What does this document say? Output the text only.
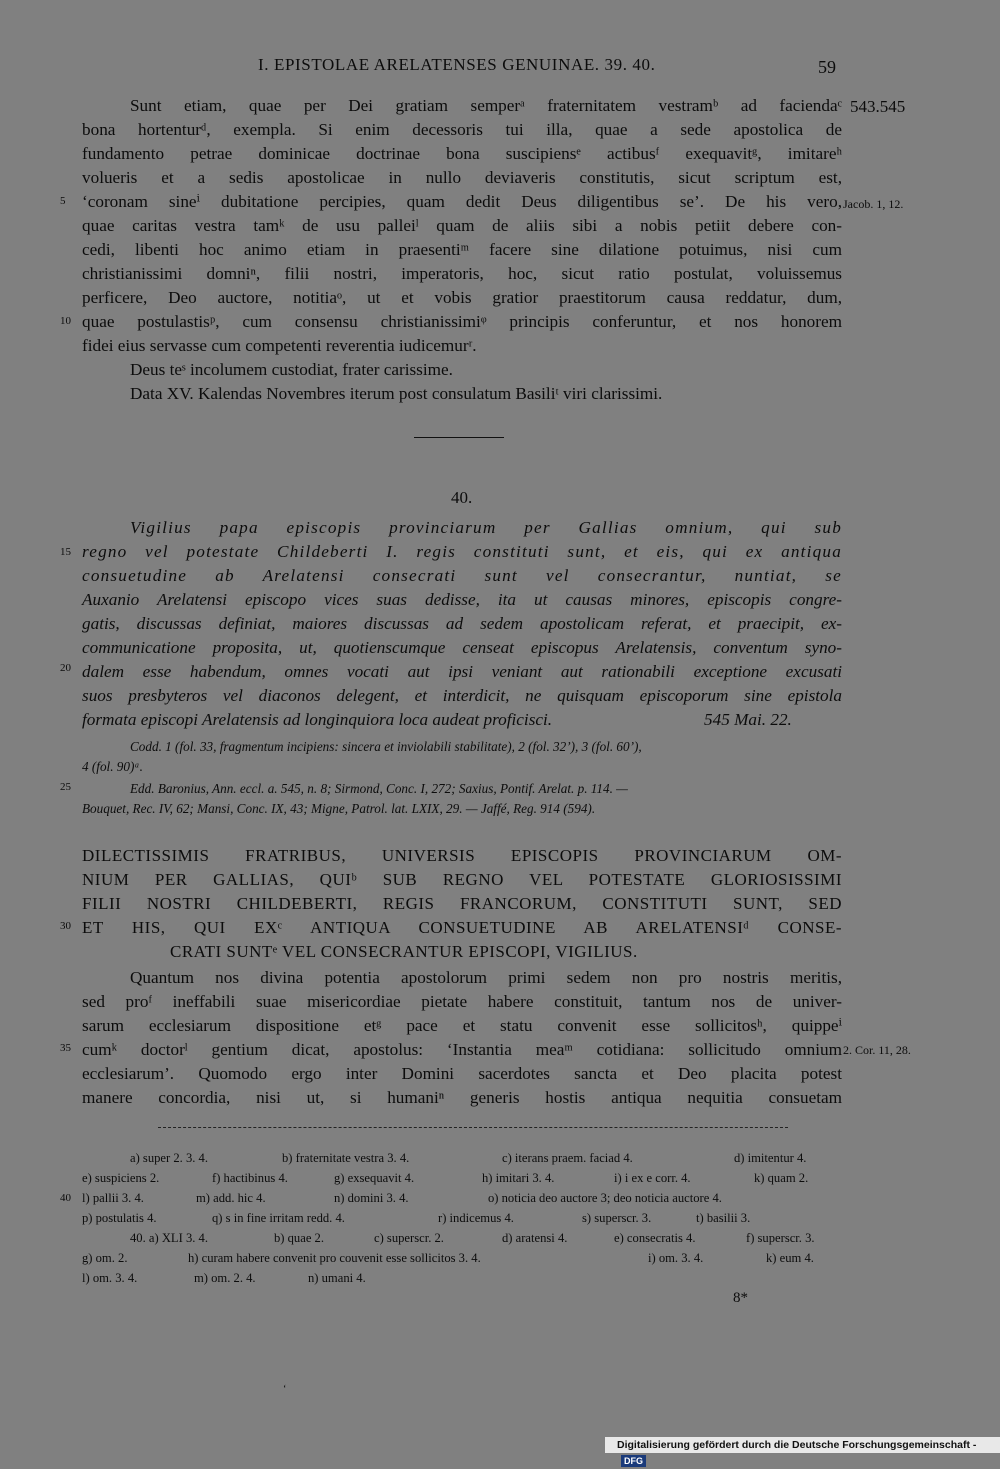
I. EPISTOLAE ARELATENSES GENUINAE. 39. 40.	59
543.545
5
10
15
20
25
30
35
40
Jacob. 1, 12.
2. Cor. 11, 28.
Sunt etiam, quae per Dei gratiam semperᵃ fraternitatem vestramᵇ ad faciendaᶜ
bona hortenturᵈ, exempla. Si enim decessoris tui illa, quae a sede apostolica de
fundamento petrae dominicae doctrinae bona suscipiensᵉ actibusᶠ exequavitᵍ, imitareʰ
volueris et a sedis apostolicae in nullo deviaveris constitutis, sicut scriptum est,
‘coronam sineⁱ dubitatione percipies, quam dedit Deus diligentibus se’. De his vero,
quae caritas vestra tamᵏ de usu palleiˡ quam de aliis sibi a nobis petiit debere con-
cedi, libenti hoc animo etiam in praesentiᵐ facere sine dilatione potuimus, nisi cum
christianissimi domniⁿ, filii nostri, imperatoris, hoc, sicut ratio postulat, voluissemus
perficere, Deo auctore, notitiaᵒ, ut et vobis gratior praestitorum causa reddatur, dum,
quae postulastisᵖ, cum consensu christianissimiᵠ principis conferuntur, et nos honorem
fidei eius servasse cum competenti reverentia iudicemurʳ.
Deus teˢ incolumem custodiat, frater carissime.
Data XV. Kalendas Novembres iterum post consulatum Basiliᵗ viri clarissimi.
40.
Vigilius papa episcopis provinciarum per Gallias omnium, qui sub
regno vel potestate Childeberti I. regis constituti sunt, et eis, qui ex antiqua
consuetudine ab Arelatensi consecrati sunt vel consecrantur, nuntiat, se
Auxanio Arelatensi episcopo vices suas dedisse, ita ut causas minores, episcopis congre-
gatis, discussas definiat, maiores discussas ad sedem apostolicam referat, et praecipit, ex-
communicatione proposita, ut, quotienscumque censeat episcopus Arelatensis, conventum syno-
dalem esse habendum, omnes vocati aut ipsi veniant aut rationabili exceptione excusati
suos presbyteros vel diaconos delegent, et interdicit, ne quisquam episcoporum sine epistola
formata episcopi Arelatensis ad longinquiora loca audeat proficisci.	545 Mai. 22.
Codd. 1 (fol. 33, fragmentum incipiens: sincera et inviolabili stabilitate), 2 (fol. 32’), 3 (fol. 60’),
4 (fol. 90)ᵃ.
Edd. Baronius, Ann. eccl. a. 545, n. 8; Sirmond, Conc. I, 272; Saxius, Pontif. Arelat. p. 114. —
Bouquet, Rec. IV, 62; Mansi, Conc. IX, 43; Migne, Patrol. lat. LXIX, 29. — Jaffé, Reg. 914 (594).
DILECTISSIMIS FRATRIBUS, UNIVERSIS EPISCOPIS PROVINCIARUM OM-
NIUM PER GALLIAS, QUIᵇ SUB REGNO VEL POTESTATE GLORIOSISSIMI
FILII NOSTRI CHILDEBERTI, REGIS FRANCORUM, CONSTITUTI SUNT, SED
ET HIS, QUI EXᶜ ANTIQUA CONSUETUDINE AB ARELATENSIᵈ CONSE-
CRATI SUNTᵉ VEL CONSECRANTUR EPISCOPI, VIGILIUS.
Quantum nos divina potentia apostolorum primi sedem non pro nostris meritis,
sed proᶠ ineffabili suae misericordiae pietate habere constituit, tantum nos de univer-
sarum ecclesiarum dispositione etᵍ pace et statu convenit esse sollicitosʰ, quippeⁱ
cumᵏ doctorˡ gentium dicat, apostolus: ‘Instantia meaᵐ cotidiana: sollicitudo omnium
ecclesiarum’. Quomodo ergo inter Domini sacerdotes sancta et Deo placita potest
manere concordia, nisi ut, si humaniⁿ generis hostis antiqua nequitia consuetam
a) super 2. 3. 4.	b) fraternitate vestra 3. 4.	c) iterans praem. faciad 4.	d) imitentur 4.
e) suspiciens 2.	f) hactibinus 4.	g) exsequavit 4.	h) imitari 3. 4.	i) i ex e corr. 4.	k) quam 2.
l) pallii 3. 4.	m) add. hic 4.	n) domini 3. 4.	o) noticia deo auctore 3; deo noticia auctore 4.
p) postulatis 4.	q) s in fine irritam redd. 4.	r) indicemus 4.	s) superscr. 3.	t) basilii 3.
40. a) XLI 3. 4.	b) quae 2.	c) superscr. 2.	d) aratensi 4.	e) consecratis 4.	f) superscr. 3.
g) om. 2.	h) curam habere convenit pro couvenit esse sollicitos 3. 4.	i) om. 3. 4.	k) eum 4.
l) om. 3. 4.	m) om. 2. 4.	n) umani 4.
8*
‘
Digitalisierung gefördert durch die Deutsche Forschungsgemeinschaft -DFG
